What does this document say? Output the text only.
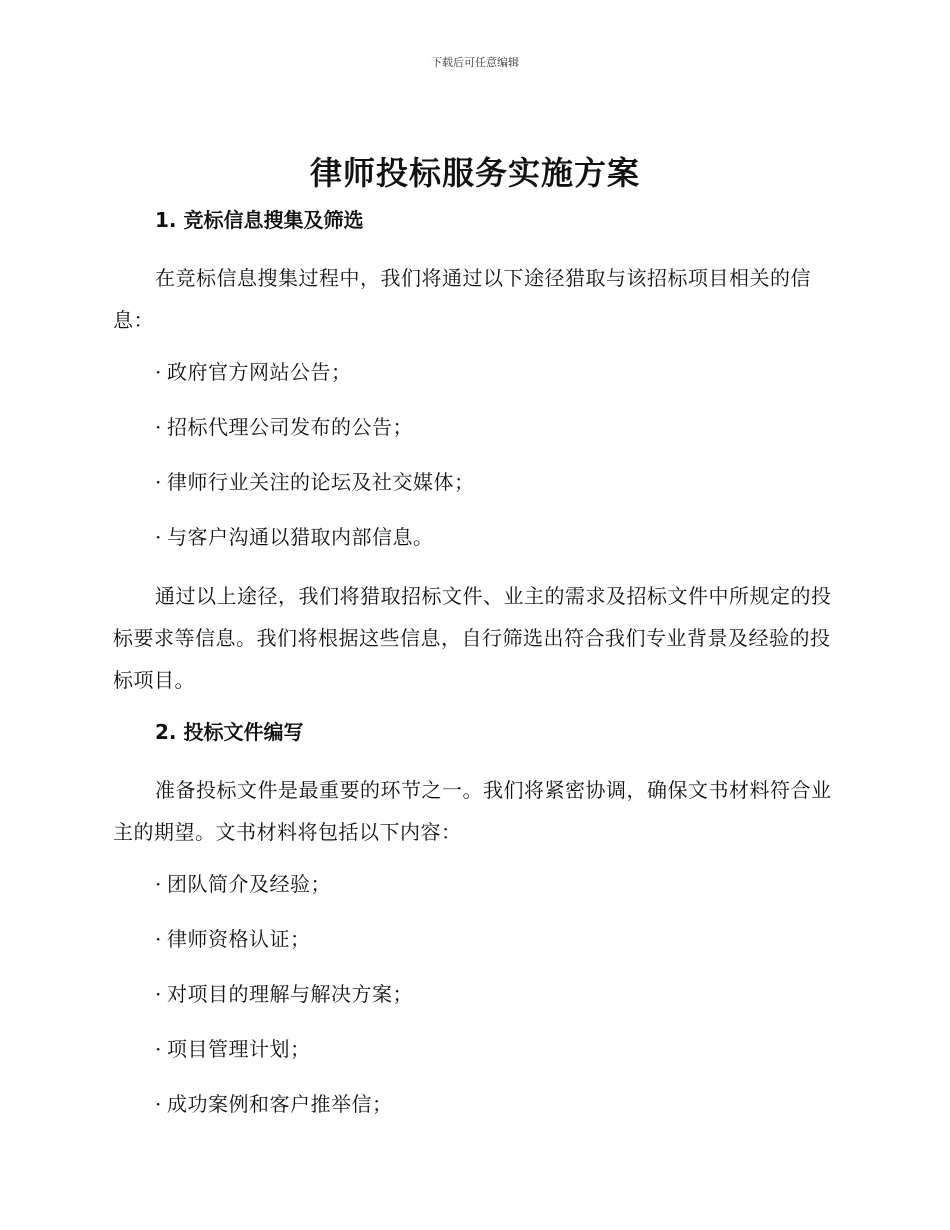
下载后可任意编辑
律师投标服务实施方案
1. 竞标信息搜集及筛选

在竞标信息搜集过程中，我们将通过以下途径猎取与该招标项目相关的信息：

· 政府官方网站公告；
· 招标代理公司发布的公告；
· 律师行业关注的论坛及社交媒体；
· 与客户沟通以猎取内部信息。

通过以上途径，我们将猎取招标文件、业主的需求及招标文件中所规定的投标要求等信息。我们将根据这些信息，自行筛选出符合我们专业背景及经验的投标项目。

2. 投标文件编写

准备投标文件是最重要的环节之一。我们将紧密协调，确保文书材料符合业主的期望。文书材料将包括以下内容：

· 团队简介及经验；
· 律师资格认证；
· 对项目的理解与解决方案；
· 项目管理计划；
· 成功案例和客户推举信；
